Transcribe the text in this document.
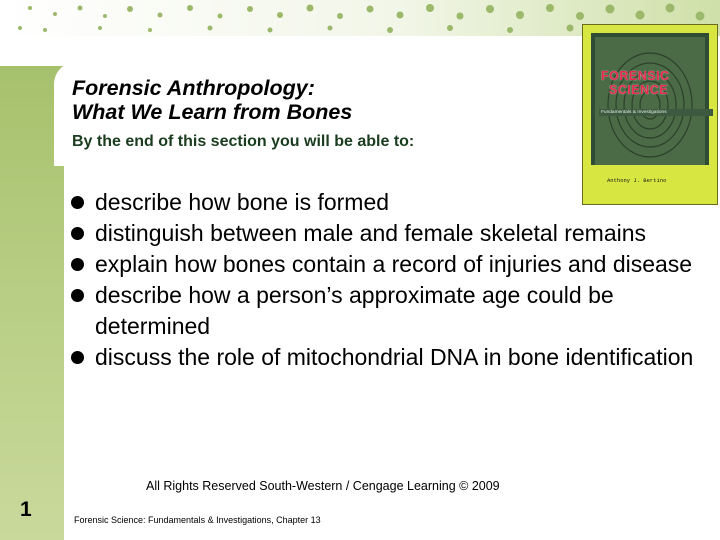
Forensic Anthropology:

What We Learn from Bones

By the end of this section you will be able to:
FORENSIC
SCIENCE
Fundamentals & Investigations
Anthony J. Bertino
describe how bone is formed
distinguish between male and female skeletal remains
explain how bones contain a record of injuries and disease
describe how a person’s approximate age could be determined
discuss the role of mitochondrial DNA in bone identification
All Rights Reserved South-Western / Cengage Learning © 2009
1	Forensic Science: Fundamentals & Investigations, Chapter 13
